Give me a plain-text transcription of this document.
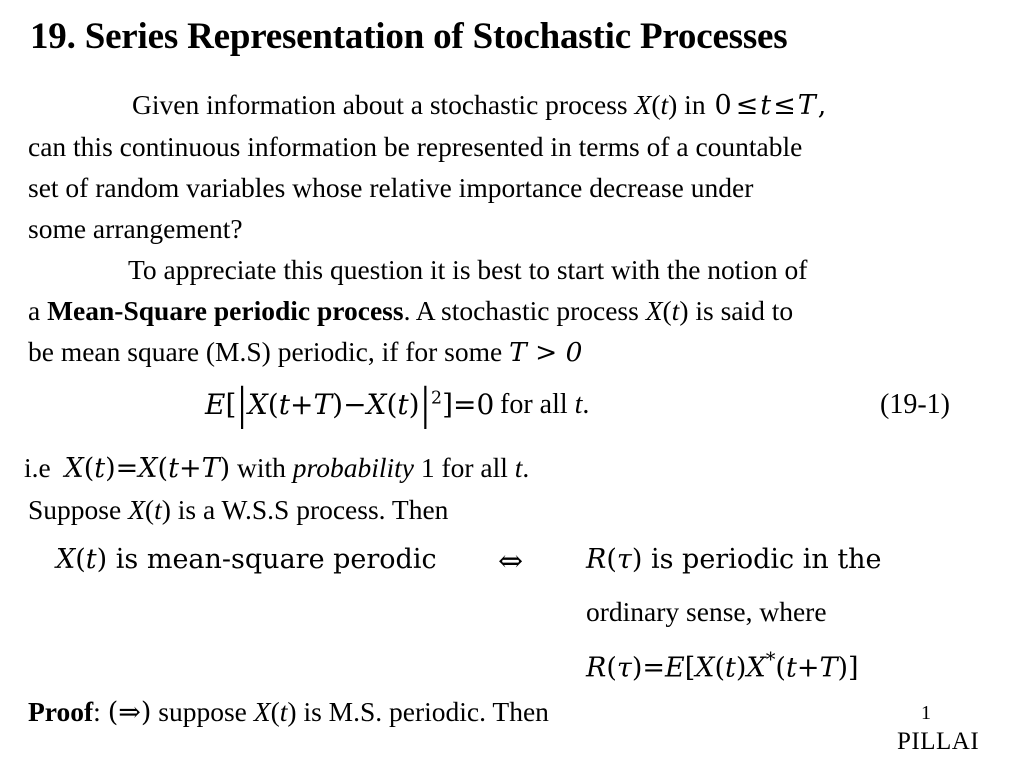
19. Series Representation of Stochastic Processes

Given information about a stochastic process X(t) in 0 ≤t≤T,

can this continuous information be represented in terms of a countable

set of random variables whose relative importance decrease under

some arrangement?

To appreciate this question it is best to start with the notion of

a Mean-Square periodic process. A stochastic process X(t) is said to

be mean square (M.S) periodic, if for some T > 0

$E[|X(t+T)-X(t)|^2]=0$ for all t.	(19-1)
i.e X(t)=X(t+T) with probability 1 for all t.
Suppose X(t) is a W.S.S process. Then
X(t) is mean-square perodic ⇔ R(τ) is periodic in the
ordinary sense, where
R(τ)=E[X(t)X*(t+T)]
Proof: (⇒) suppose X(t) is M.S. periodic. Then	1
PILLAI
